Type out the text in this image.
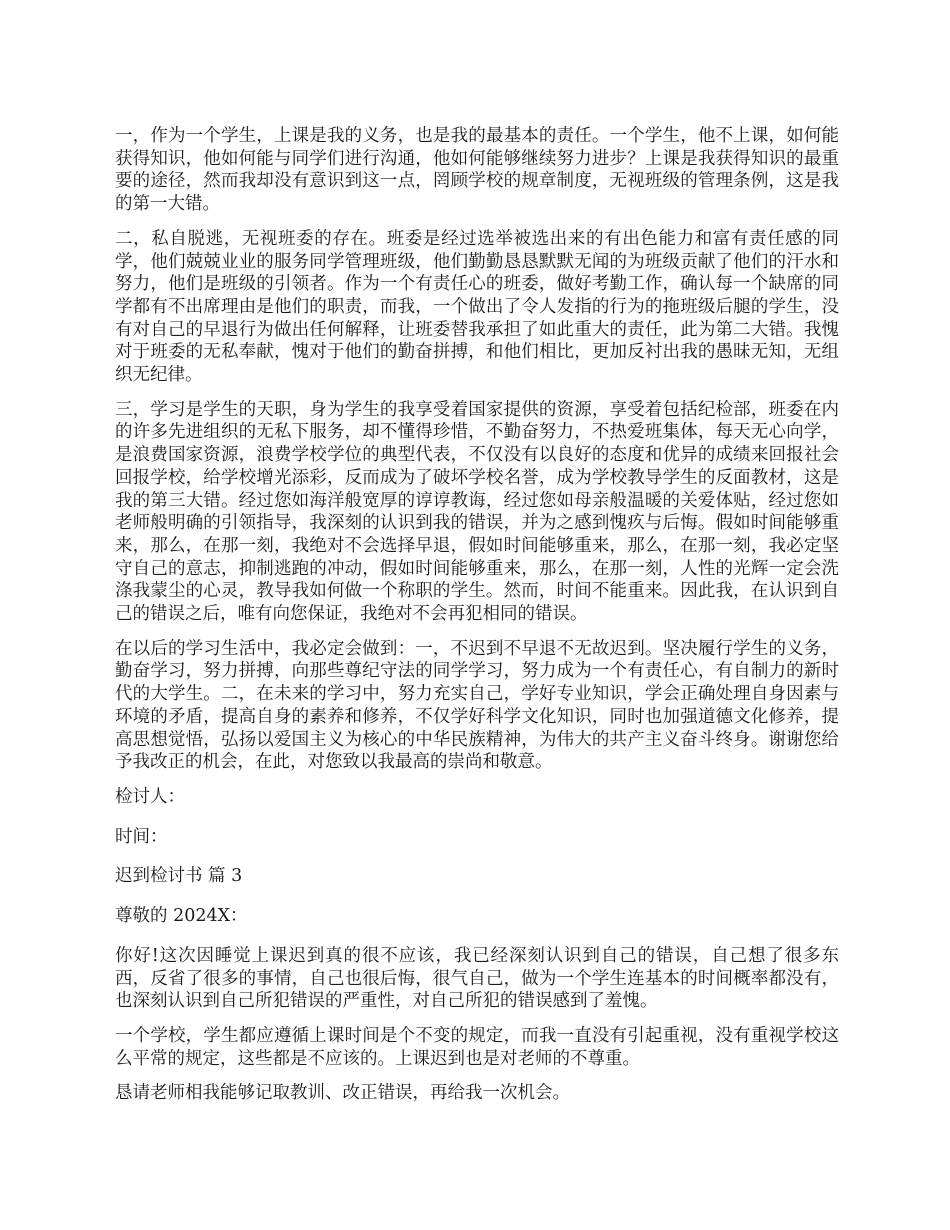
一，作为一个学生，上课是我的义务，也是我的最基本的责任。一个学生，他不上课，如何能获得知识，他如何能与同学们进行沟通，他如何能够继续努力进步？上课是我获得知识的最重要的途径，然而我却没有意识到这一点，罔顾学校的规章制度，无视班级的管理条例，这是我的第一大错。

二，私自脱逃，无视班委的存在。班委是经过选举被选出来的有出色能力和富有责任感的同学，他们兢兢业业的服务同学管理班级，他们勤勤恳恳默默无闻的为班级贡献了他们的汗水和努力，他们是班级的引领者。作为一个有责任心的班委，做好考勤工作，确认每一个缺席的同学都有不出席理由是他们的职责，而我，一个做出了令人发指的行为的拖班级后腿的学生，没有对自己的早退行为做出任何解释，让班委替我承担了如此重大的责任，此为第二大错。我愧对于班委的无私奉献，愧对于他们的勤奋拼搏，和他们相比，更加反衬出我的愚昧无知，无组织无纪律。

三，学习是学生的天职，身为学生的我享受着国家提供的资源，享受着包括纪检部，班委在内的许多先进组织的无私下服务，却不懂得珍惜，不勤奋努力，不热爱班集体，每天无心向学，是浪费国家资源，浪费学校学位的典型代表，不仅没有以良好的态度和优异的成绩来回报社会回报学校，给学校增光添彩，反而成为了破坏学校名誉，成为学校教导学生的反面教材，这是我的第三大错。经过您如海洋般宽厚的谆谆教诲，经过您如母亲般温暖的关爱体贴，经过您如老师般明确的引领指导，我深刻的认识到我的错误，并为之感到愧疚与后悔。假如时间能够重来，那么，在那一刻，我绝对不会选择早退，假如时间能够重来，那么，在那一刻，我必定坚守自己的意志，抑制逃跑的冲动，假如时间能够重来，那么，在那一刻，人性的光辉一定会洗涤我蒙尘的心灵，教导我如何做一个称职的学生。然而，时间不能重来。因此我，在认识到自己的错误之后，唯有向您保证，我绝对不会再犯相同的错误。

在以后的学习生活中，我必定会做到：一，不迟到不早退不无故迟到。坚决履行学生的义务，勤奋学习，努力拼搏，向那些尊纪守法的同学学习，努力成为一个有责任心，有自制力的新时代的大学生。二，在未来的学习中，努力充实自己，学好专业知识，学会正确处理自身因素与环境的矛盾，提高自身的素养和修养，不仅学好科学文化知识，同时也加强道德文化修养，提高思想觉悟，弘扬以爱国主义为核心的中华民族精神，为伟大的共产主义奋斗终身。谢谢您给予我改正的机会，在此，对您致以我最高的崇尚和敬意。

检讨人：

时间：

迟到检讨书 篇 3

尊敬的 2024X：

你好!这次因睡觉上课迟到真的很不应该，我已经深刻认识到自己的错误，自己想了很多东西，反省了很多的事情，自己也很后悔，很气自己，做为一个学生连基本的时间概率都没有，也深刻认识到自己所犯错误的严重性，对自己所犯的错误感到了羞愧。

一个学校，学生都应遵循上课时间是个不变的规定，而我一直没有引起重视，没有重视学校这么平常的规定，这些都是不应该的。上课迟到也是对老师的不尊重。

恳请老师相我能够记取教训、改正错误，再给我一次机会。
